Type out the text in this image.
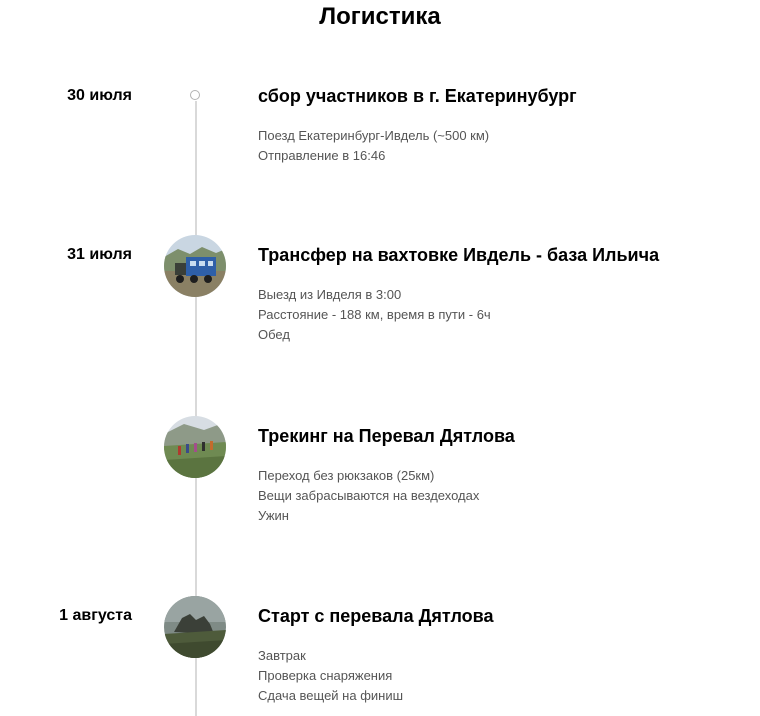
Логистика
30 июля	сбор участников в г. Екатеринубург
Поезд Екатеринбург-Ивдель (~500 км)
Отправление в 16:46
31 июля	Трансфер на вахтовке Ивдель - база Ильича
Выезд из Ивделя в 3:00
Расстояние - 188 км, время в пути - 6ч
Обед
Трекинг на Перевал Дятлова
Переход без рюкзаков (25км)
Вещи забрасываются на вездеходах
Ужин
1 августа	Старт с перевала Дятлова
Завтрак
Проверка снаряжения
Сдача вещей на финиш
